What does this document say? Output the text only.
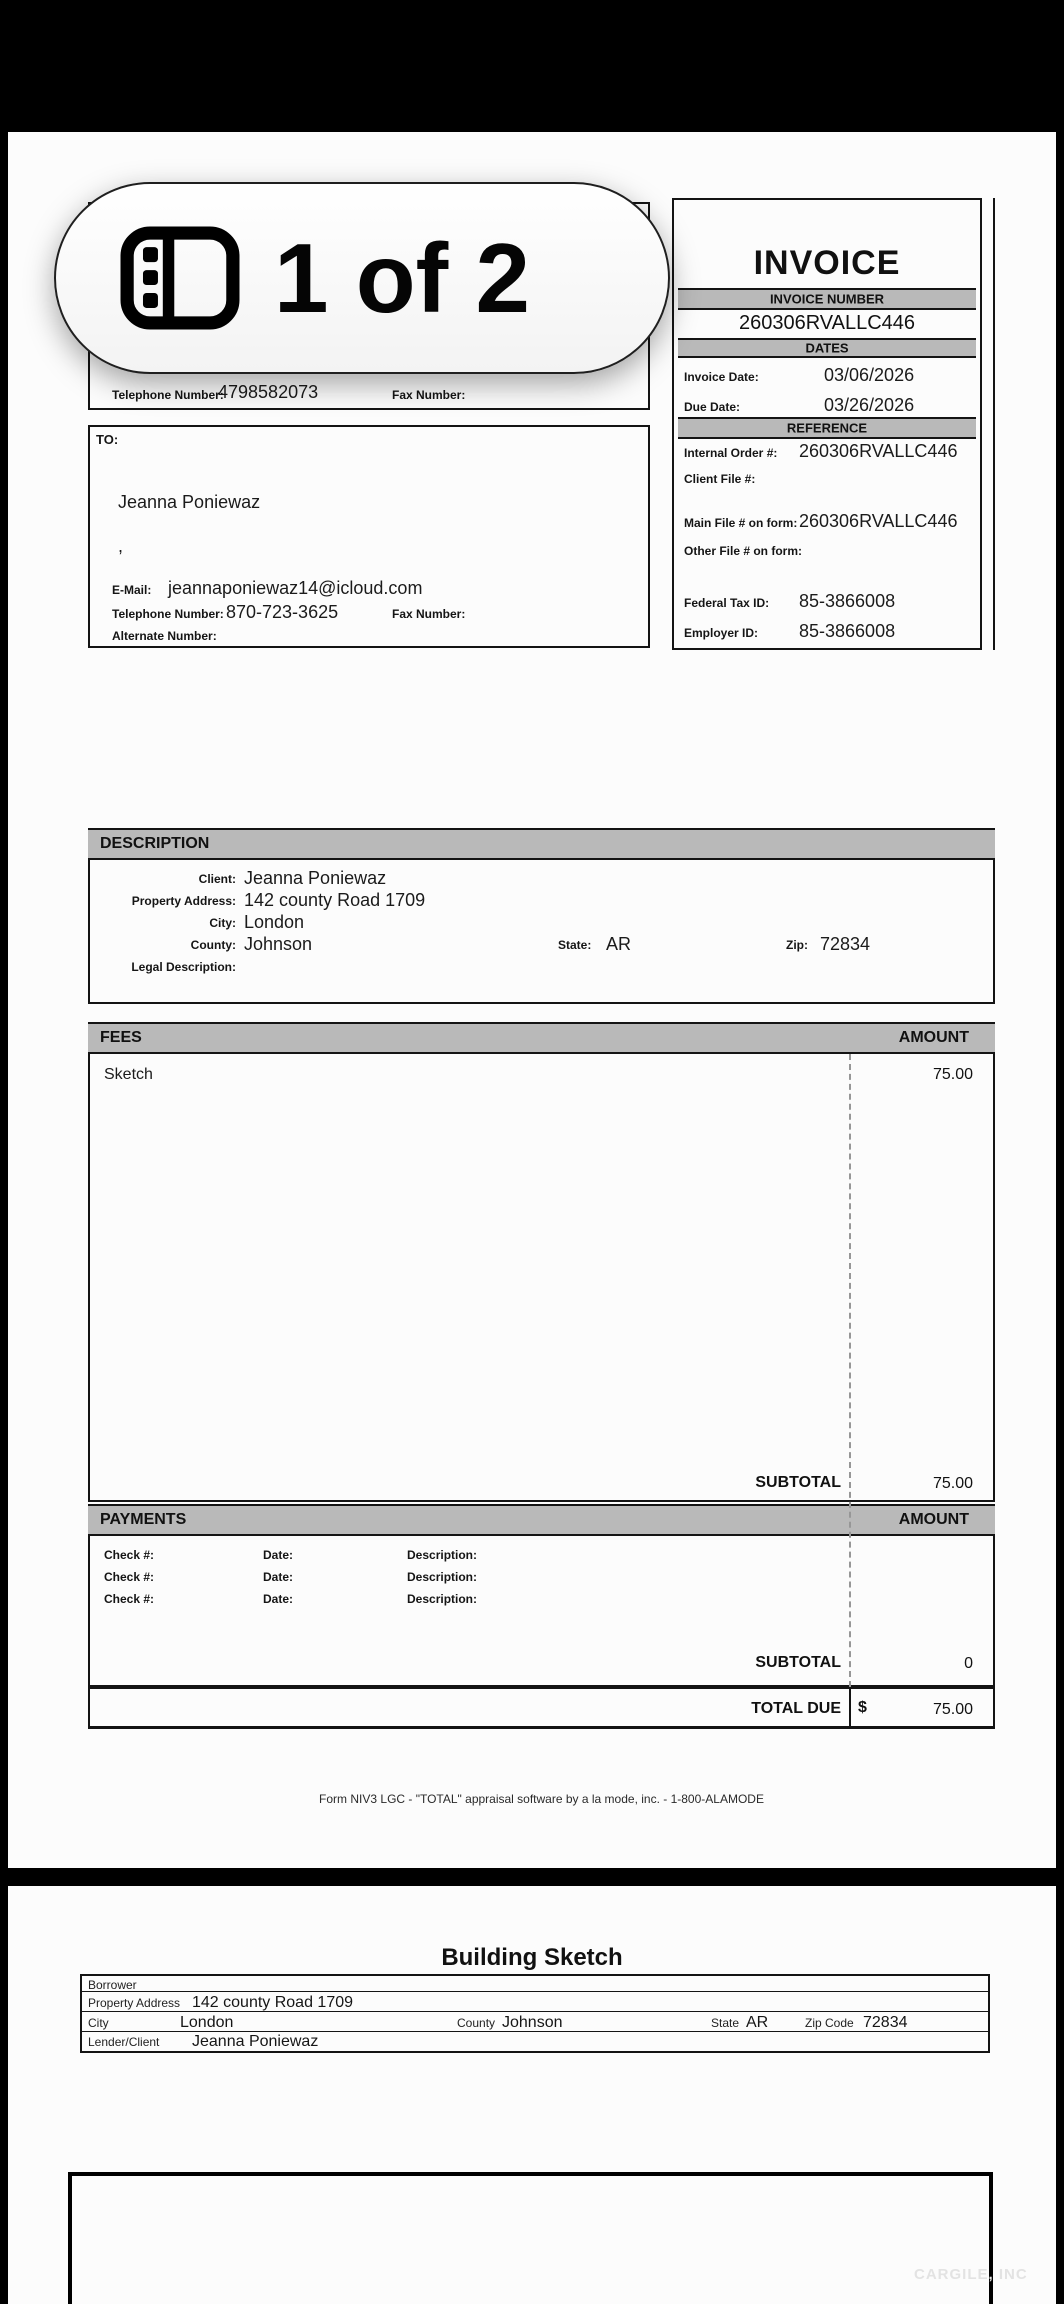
Telephone Number:
4798582073	Fax Number:
TO:
Jeanna Poniewaz
,
E-Mail: jeannaponiewaz14@icloud.com
Telephone Number: 870-723-3625	Fax Number:
Alternate Number:
INVOICE
INVOICE NUMBER
260306RVALLC446
DATES
Invoice Date:	03/06/2026
Due Date:	03/26/2026
REFERENCE
Internal Order #: 260306RVALLC446
Client File #:
Main File # on form: 260306RVALLC446
Other File # on form:
Federal Tax ID: 85-3866008
Employer ID: 85-3866008
DESCRIPTION
Client: Jeanna Poniewaz
Property Address: 142 county Road 1709
City: London
County: Johnson	State: AR	Zip: 72834
Legal Description:
FEES	AMOUNT
Sketch	75.00
SUBTOTAL	75.00
PAYMENTS	AMOUNT
Check #:	Date:	Description:
Check #:	Date:	Description:
Check #:	Date:	Description:
SUBTOTAL	0
TOTAL DUE $	75.00
Form NIV3 LGC - "TOTAL" appraisal software by a la mode, inc. - 1-800-ALAMODE
Building Sketch
Borrower
Property Address 142 county Road 1709
City	London	County Johnson	State AR	Zip Code 72834
Lender/Client Jeanna Poniewaz
CARGILE, INC
1 of 2
